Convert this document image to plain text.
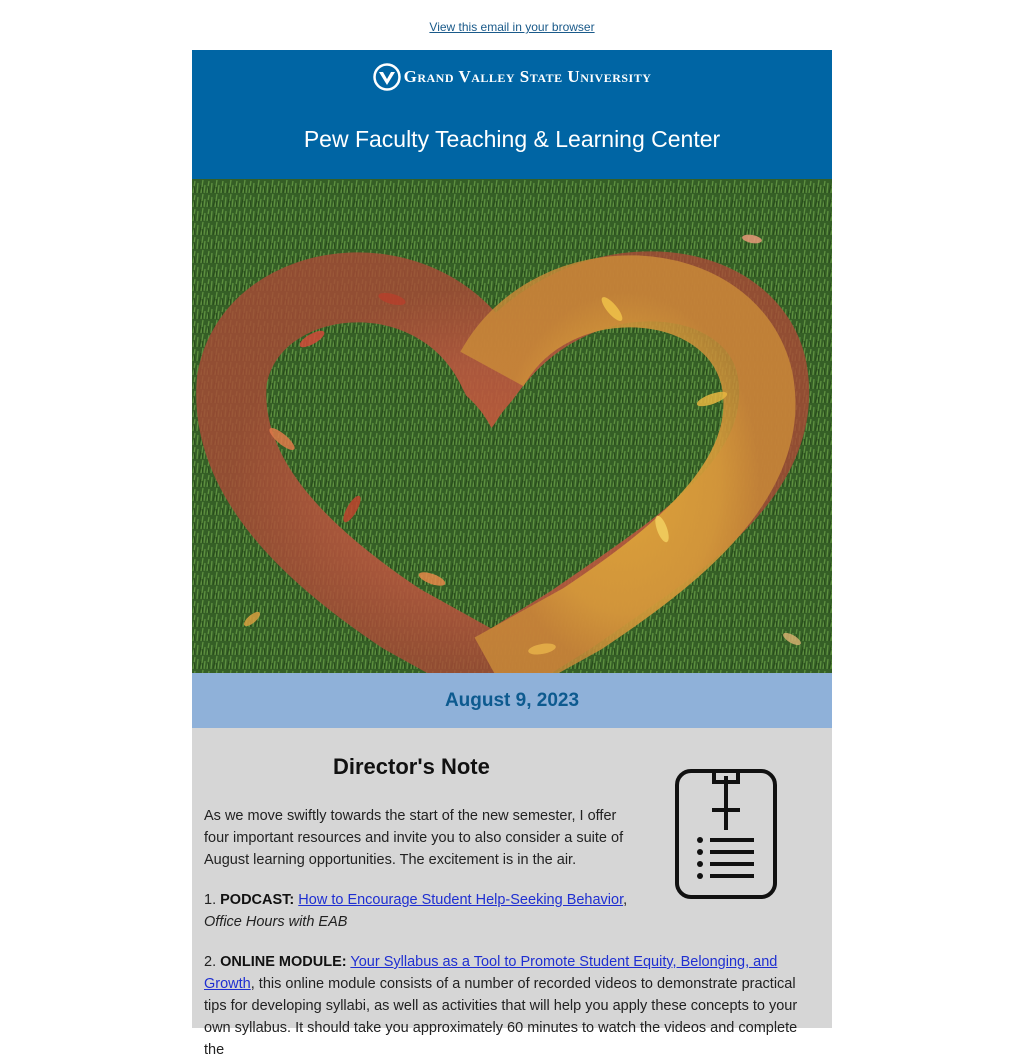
View this email in your browser
Grand Valley State University
Pew Faculty Teaching & Learning Center
August 9, 2023
Director's Note

As we move swiftly towards the start of the new semester, I offer four important resources and invite you to also consider a suite of August learning opportunities. The excitement is in the air.

1. PODCAST: How to Encourage Student Help-Seeking Behavior,  Office Hours with EAB

2. ONLINE MODULE: Your Syllabus as a Tool to Promote Student Equity, Belonging, and Growth, this online module consists of a number of recorded videos to demonstrate practical tips for developing syllabi, as well as activities that will help you apply these concepts to your own syllabus. It should take you approximately 60 minutes to watch the videos and complete the
